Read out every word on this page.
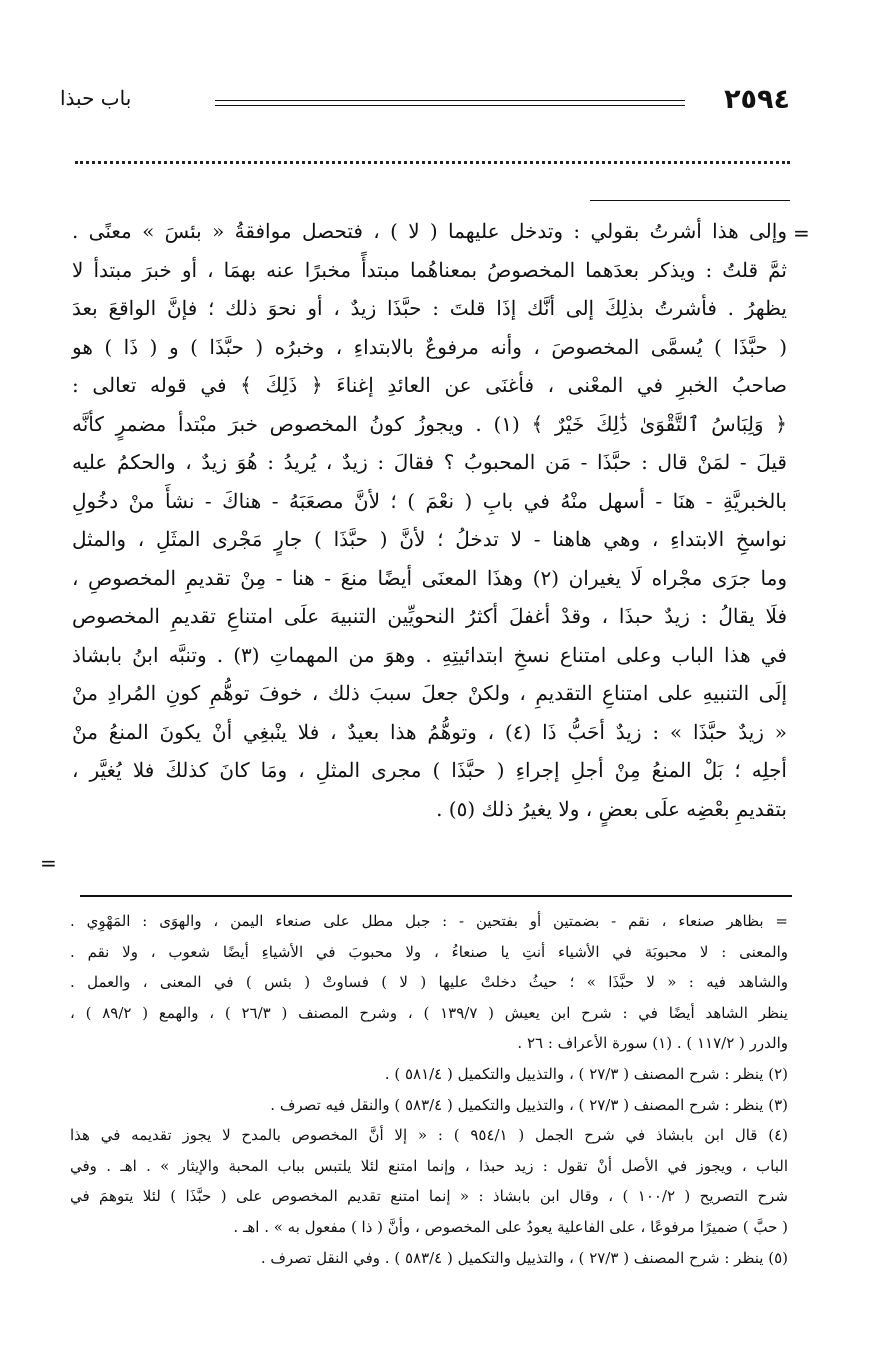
٢٥٩٤
باب حبذا
=
وإلى هذا أشرتُ بقولي : وتدخل عليهما ( لا ) ، فتحصل موافقةُ « بئسَ » معنًى .
ثمَّ قلتُ : ويذكر بعدَهما المخصوصُ بمعناهُما مبتدأً مخبرًا عنه بهمَا ، أو خبرَ مبتدأ لا
يظهرُ . فأشرتُ بذلِكَ إلى أنَّك إذَا قلتَ : حبَّذَا زيدٌ ، أو نحوَ ذلك ؛ فإنَّ الواقعَ بعدَ
( حبَّذَا ) يُسمَّى المخصوصَ ، وأنه مرفوعٌ بالابتداءِ ، وخبرُه ( حبَّذَا ) و ( ذَا ) هو
صاحبُ الخبرِ في المعْنى ، فأغنَى عن العائدِ إغناءَ ﴿ ذَلِكَ ﴾ في قوله تعالى :
﴿ وَلِبَاسُ ٱلتَّقْوَىٰ ذَٰلِكَ خَيْرٌ ﴾ (١) . ويجوزُ كونُ المخصوص خبرَ مبْتدأ مضمرٍ كأنَّه
قيلَ - لمَنْ قال : حبَّذَا - مَن المحبوبُ ؟ فقالَ : زيدٌ ، يُريدُ : هُوَ زيدٌ ، والحكمُ عليه
بالخبريَّةِ - هنَا - أسهل منْهُ في بابِ ( نعْمَ ) ؛ لأنَّ مصعَبَهُ - هناكَ - نشأَ منْ دخُولِ
نواسخِ الابتداءِ ، وهي هاهنا - لا تدخلُ ؛ لأنَّ ( حبَّذَا ) جارٍ مَجْرى المثَلِ ، والمثل
وما جرَى مجْراه لَا يغيران (٢) وهذَا المعنَى أيضًا منعَ - هنا - مِنْ تقديمِ المخصوصِ ،
فلَا يقالُ : زيدٌ حبذَا ، وقدْ أغفلَ أكثرُ النحويِّين التنبيهَ علَى امتناعِ تقديمِ المخصوص
في هذا الباب وعلى امتناع نسخِ ابتدائيتِهِ . وهوَ من المهماتِ (٣) . وتنبَّه ابنُ بابشاذ
إلَى التنبيهِ على امتناعِ التقديمِ ، ولكنْ جعلَ سببَ ذلك ، خوفَ توهُّمِ كونِ المُرادِ منْ
« زيدٌ حبَّذَا » : زيدٌ أحَبُّ ذَا (٤) ، وتوهُّمُ هذا بعيدٌ ، فلا ينْبغِي أنْ يكونَ المنعُ منْ
أجلِه ؛ بَلْ المنعُ مِنْ أجلِ إجراءِ ( حبَّذَا ) مجرى المثلِ ، ومَا كانَ كذلكَ فلا يُغيَّر ،
بتقديمِ بعْضِه علَى بعضٍ ، ولا يغيرُ ذلك (٥) .
=
= بظاهر صنعاء ، نقم - بضمتين أو بفتحين - : جبل مطل على صنعاء اليمن ، والهوَى : المَهْوِي .
والمعنى : لا محبوبَة في الأشياء أنتِ يا صنعاءُ ، ولا محبوبَ في الأشياءِ أيضًا شعوب ، ولا نقم .
والشاهد فيه : « لا حبَّذَا » ؛ حيثُ دخلتْ عليها ( لا ) فساوتْ ( بئس ) في المعنى ، والعمل .
ينظر الشاهد أيضًا في : شرح ابن يعيش ( ١٣٩/٧ ) ، وشرح المصنف ( ٢٦/٣ ) ، والهمع ( ٨٩/٢ ) ،
والدرر ( ١١٧/٢ ) . (١) سورة الأعراف : ٢٦ .
(٢) ينظر : شرح المصنف ( ٢٧/٣ ) ، والتذييل والتكميل ( ٥٨١/٤ ) .
(٣) ينظر : شرح المصنف ( ٢٧/٣ ) ، والتذييل والتكميل ( ٥٨٣/٤ ) والنقل فيه تصرف .
(٤) قال ابن بابشاذ في شرح الجمل ( ٩٥٤/١ ) : « إلا أنَّ المخصوص بالمدح لا يجوز تقديمه في هذا
الباب ، ويجوز في الأصل أنْ تقول : زيد حبذا ، وإنما امتنع لئلا يلتبس بباب المحبة والإيثار » . اهـ . وفي
شرح التصريح ( ١٠٠/٢ ) ، وقال ابن بابشاذ : « إنما امتنع تقديم المخصوص على ( حبَّذَا ) لئلا يتوهمَ في
( حبَّ ) ضميرًا مرفوعًا ، على الفاعلية يعودُ على المخصوص ، وأنَّ ( ذا ) مفعول به » . اهـ .
(٥) ينظر : شرح المصنف ( ٢٧/٣ ) ، والتذييل والتكميل ( ٥٨٣/٤ ) . وفي النقل تصرف .
